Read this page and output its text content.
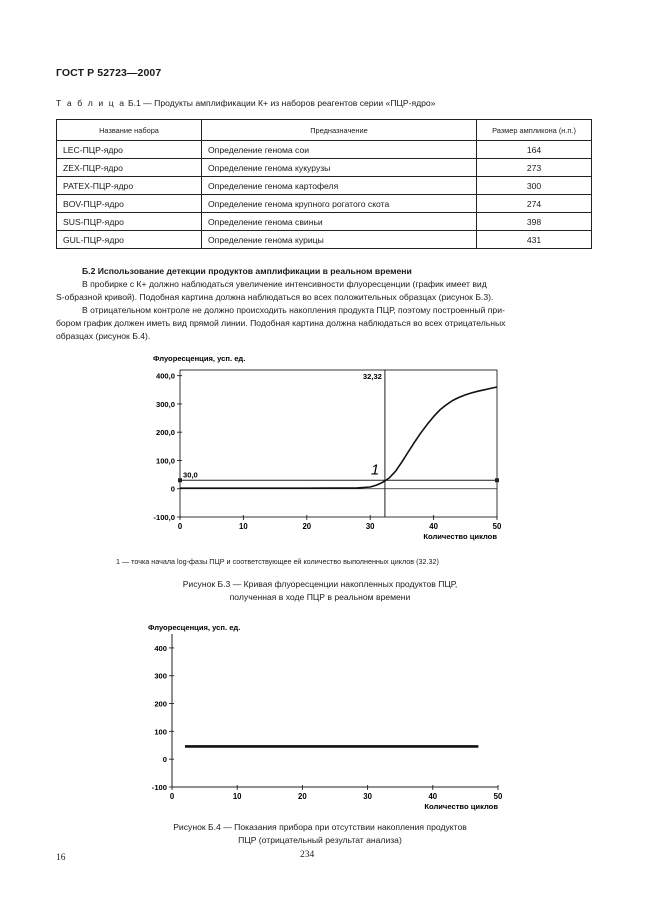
ГОСТ Р 52723—2007
Т а б л и ц а Б.1 — Продукты амплификации К+ из наборов реагентов серии «ПЦР-ядро»
Название набора	Предназначение	Размер ампликона (н.п.)
LEC-ПЦР-ядро	Определение генома сои	164
ZEX-ПЦР-ядро	Определение генома кукурузы	273
PATEX-ПЦР-ядро	Определение генома картофеля	300
BOV-ПЦР-ядро	Определение генома крупного рогатого скота	274
SUS-ПЦР-ядро	Определение генома свиньи	398
GUL-ПЦР-ядро	Определение генома курицы	431
Б.2 Использование детекции продуктов амплификации в реальном времени
В пробирке с К+ должно наблюдаться увеличение интенсивности флуоресценции (график имеет вид
S-образной кривой). Подобная картина должна наблюдаться во всех положительных образцах (рисунок Б.3).
В отрицательном контроле не должно происходить накопления продукта ПЦР, поэтому построенный при-
бором график должен иметь вид прямой линии. Подобная картина должна наблюдаться во всех отрицательных
образцах (рисунок Б.4).
Флуоресценция, усп. ед.
-100,0
0
100,0
200,0
300,0
400,0
0	10	20	30	40	50
Количество циклов
30,0
32,32
1
1 — точка начала log-фазы ПЦР и соответствующее ей количество выполненных циклов (32.32)
Рисунок Б.3 — Кривая флуоресценции накопленных продуктов ПЦР,
полученная в ходе ПЦР в реальном времени
Флуоресценция, усп. ед.
-100
0
100
200
300
400
0	10	20	30	40	50
Количество циклов
Рисунок Б.4 — Показания прибора при отсутствии накопления продуктов
ПЦР (отрицательный результат анализа)
16	234
